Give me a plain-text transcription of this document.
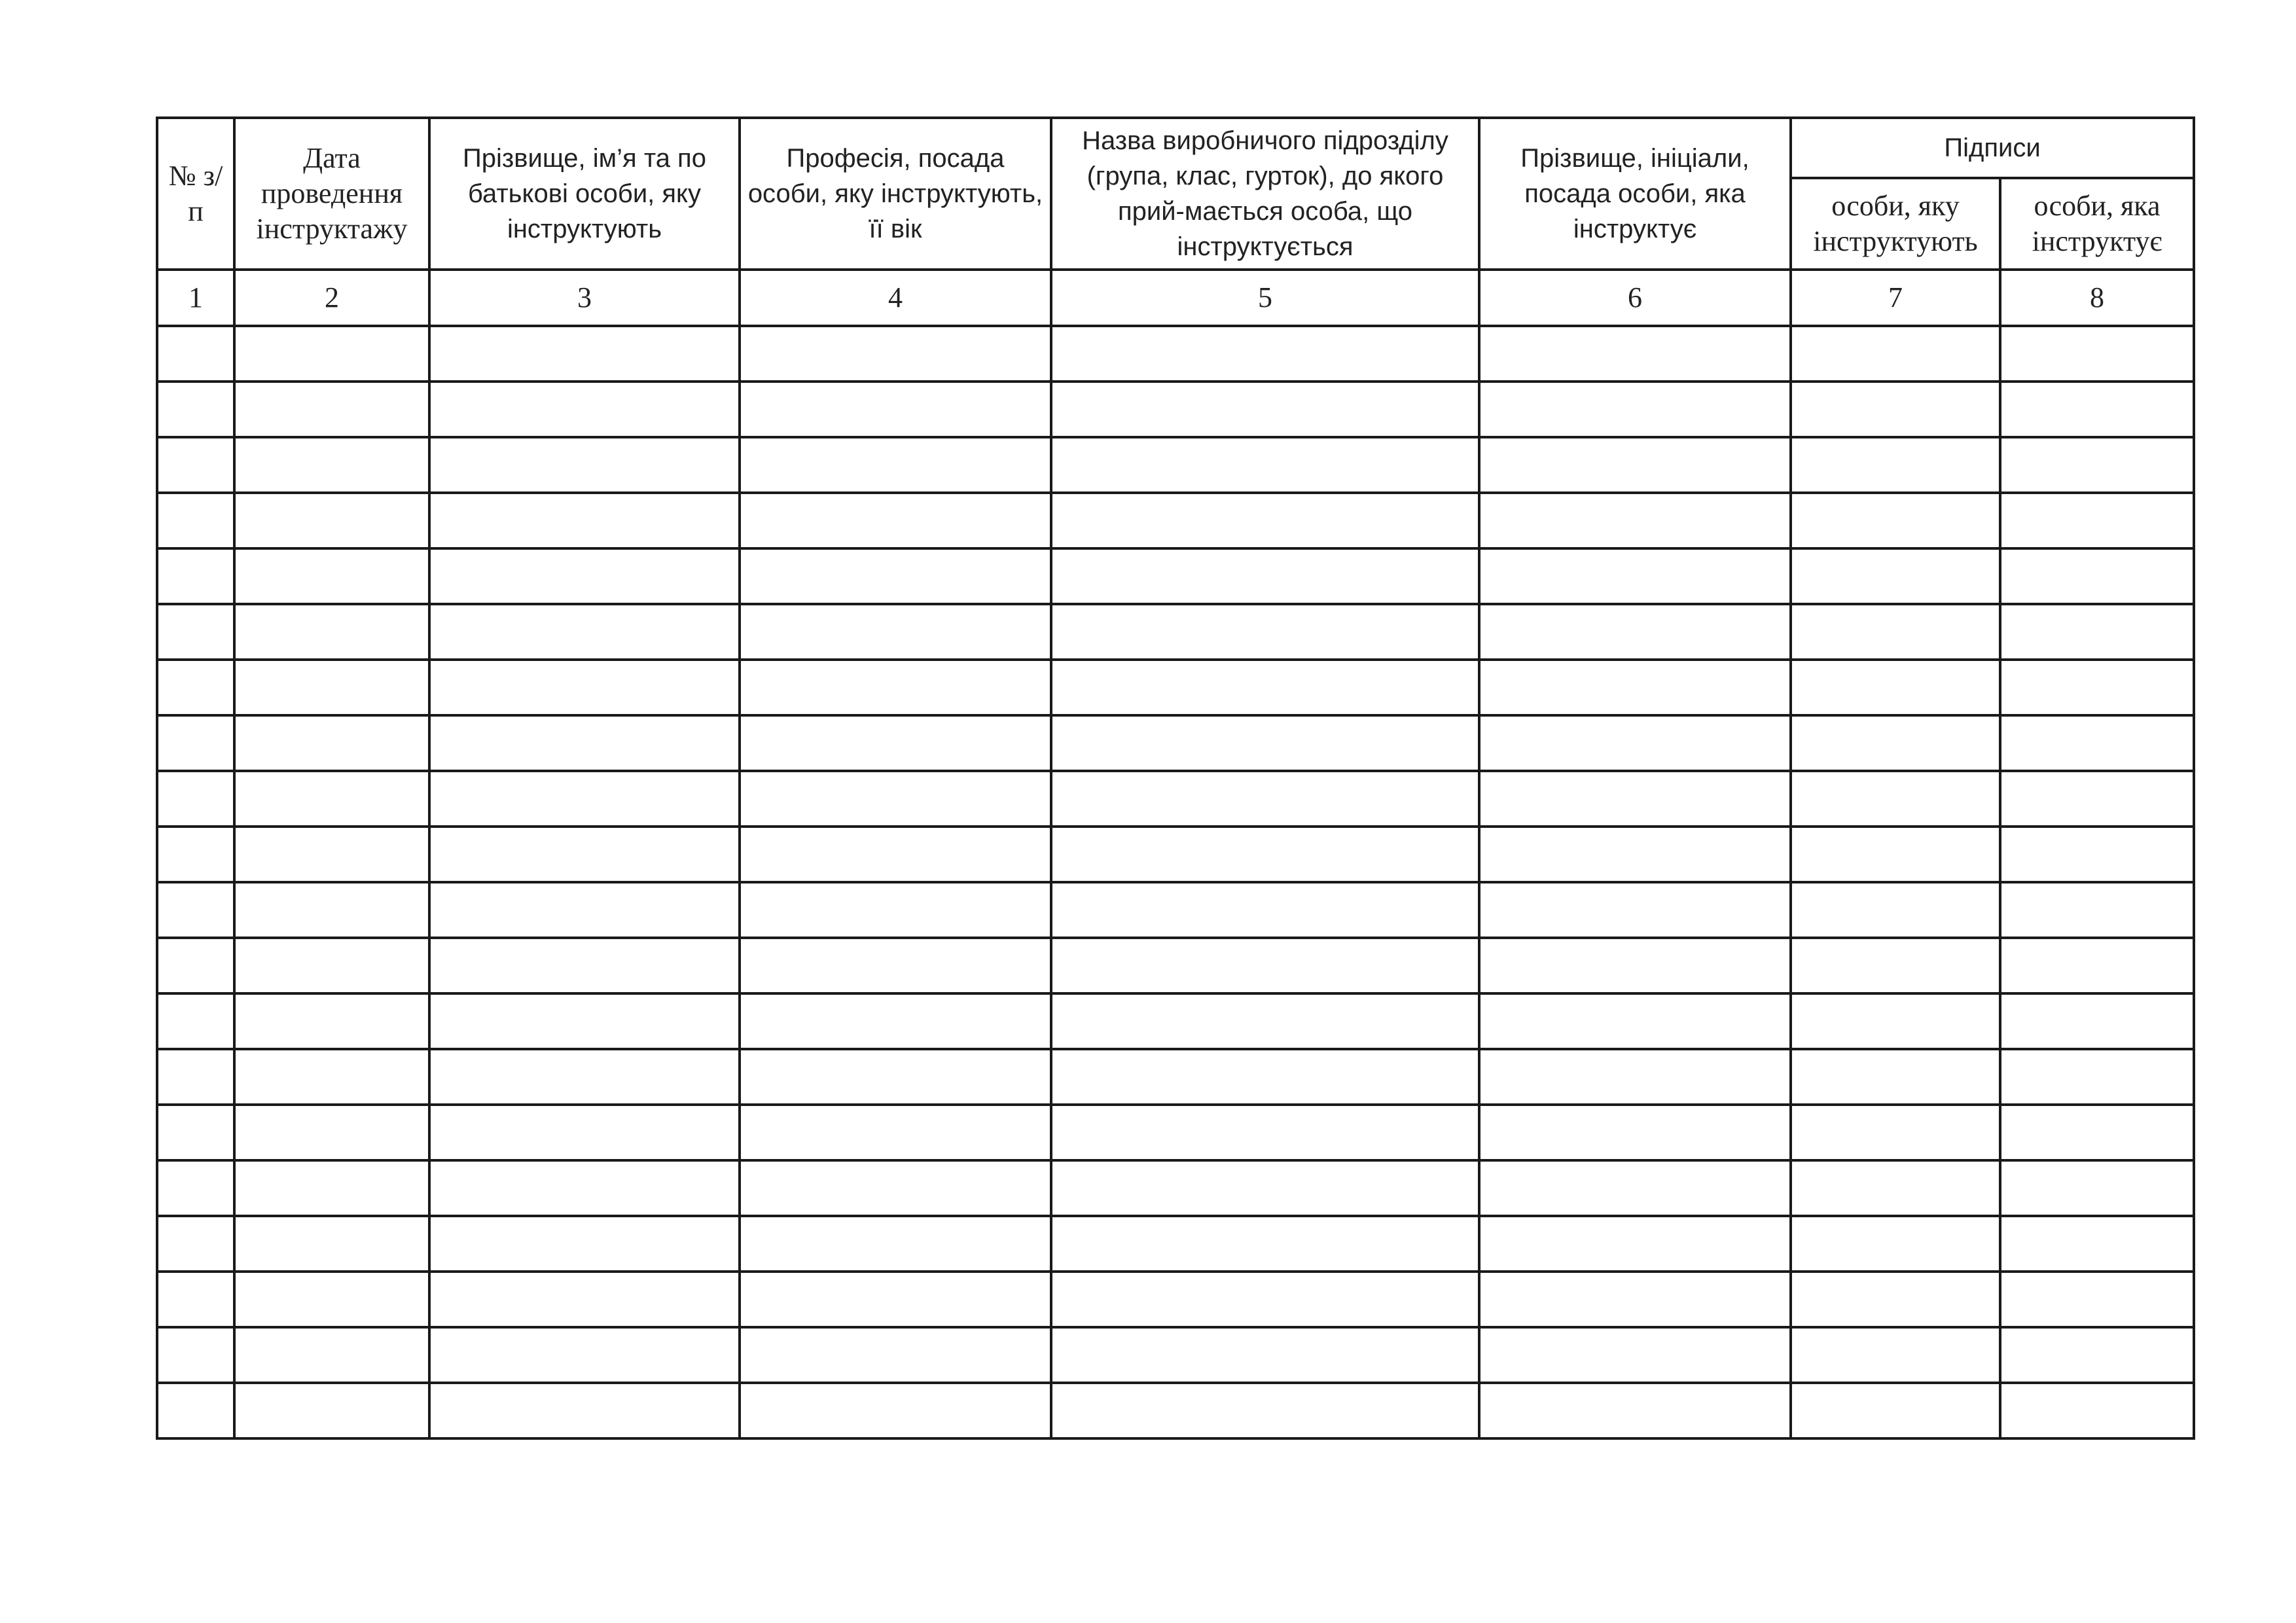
№ з/п	Дата проведення інструктажу	Прізвище, ім’я та по батькові особи, яку інструктують	Професія, посада особи, яку інструктують, її вік	Назва виробничого підрозділу (група, клас, гурток), до якого прий-мається особа, що інструктується	Прізвище, ініціали, посада особи, яка інструктує	Підписи	
						особи, яку інструктують	особи, яка інструктує
1	2	3	4	5	6	7	8
